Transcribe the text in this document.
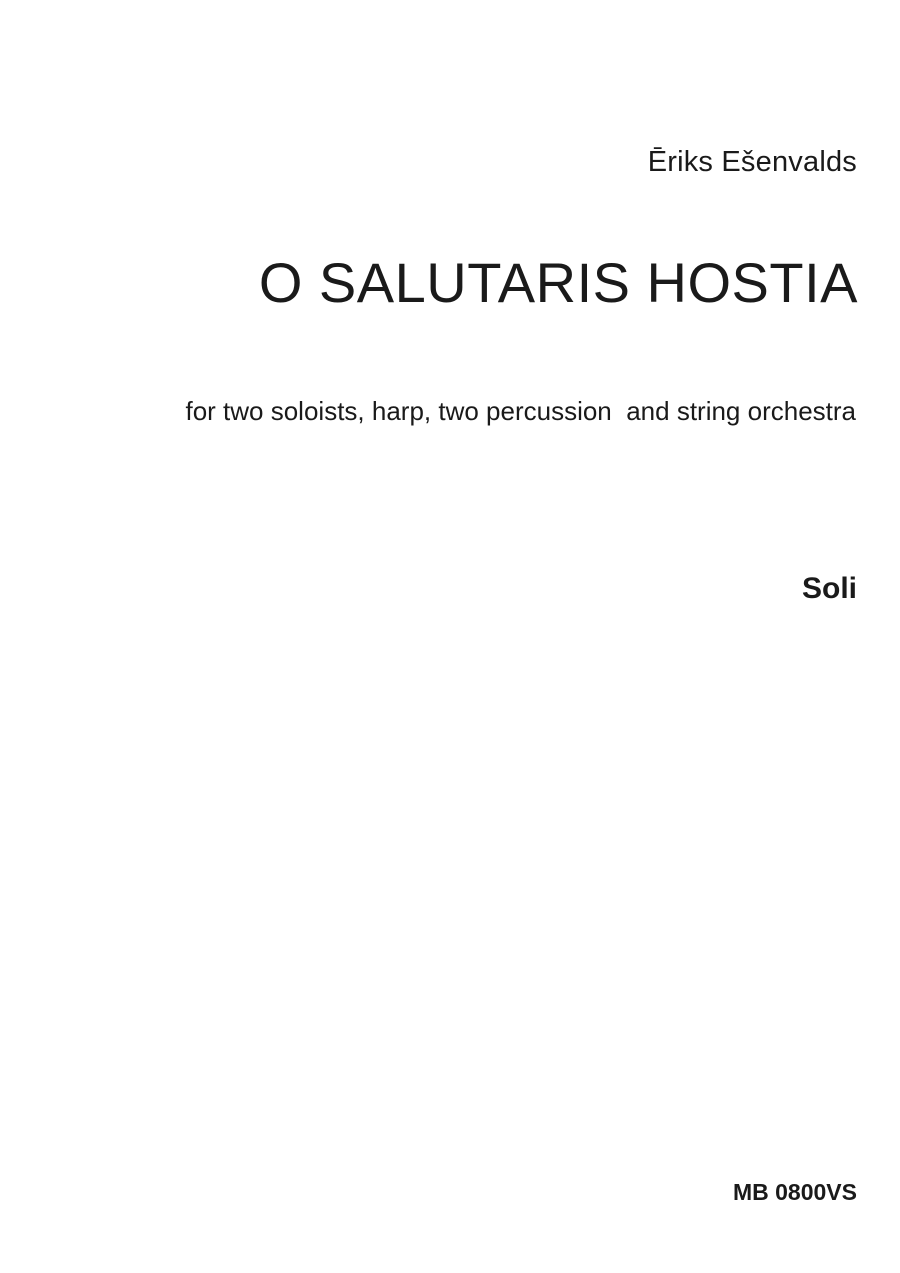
Ēriks Ešenvalds
O SALUTARIS HOSTIA
for two soloists, harp, two percussion  and string orchestra
Soli
MB 0800VS
